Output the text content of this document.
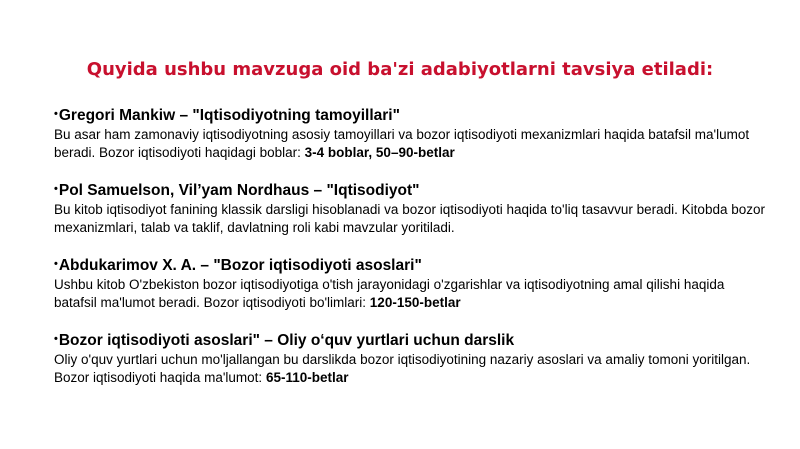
Quyida ushbu mavzuga oid ba'zi adabiyotlarni tavsiya etiladi:
•Gregori Mankiw – "Iqtisodiyotning tamoyillari"
Bu asar ham zamonaviy iqtisodiyotning asosiy tamoyillari va bozor iqtisodiyoti mexanizmlari haqida batafsil ma'lumot beradi. Bozor iqtisodiyoti haqidagi boblar: 3-4 boblar, 50–90-betlar
•Pol Samuelson, Vil’yam Nordhaus – "Iqtisodiyot"
Bu kitob iqtisodiyot fanining klassik darsligi hisoblanadi va bozor iqtisodiyoti haqida to'liq tasavvur beradi. Kitobda bozor mexanizmlari, talab va taklif, davlatning roli kabi mavzular yoritiladi.
•Abdukarimov X. A. – "Bozor iqtisodiyoti asoslari"
Ushbu kitob O'zbekiston bozor iqtisodiyotiga o'tish jarayonidagi o'zgarishlar va iqtisodiyotning amal qilishi haqida batafsil ma'lumot beradi. Bozor iqtisodiyoti bo'limlari: 120-150-betlar
•Bozor iqtisodiyoti asoslari" – Oliy o‘quv yurtlari uchun darslik
Oliy o'quv yurtlari uchun mo'ljallangan bu darslikda bozor iqtisodiyotining nazariy asoslari va amaliy tomoni yoritilgan. Bozor iqtisodiyoti haqida ma'lumot: 65-110-betlar
